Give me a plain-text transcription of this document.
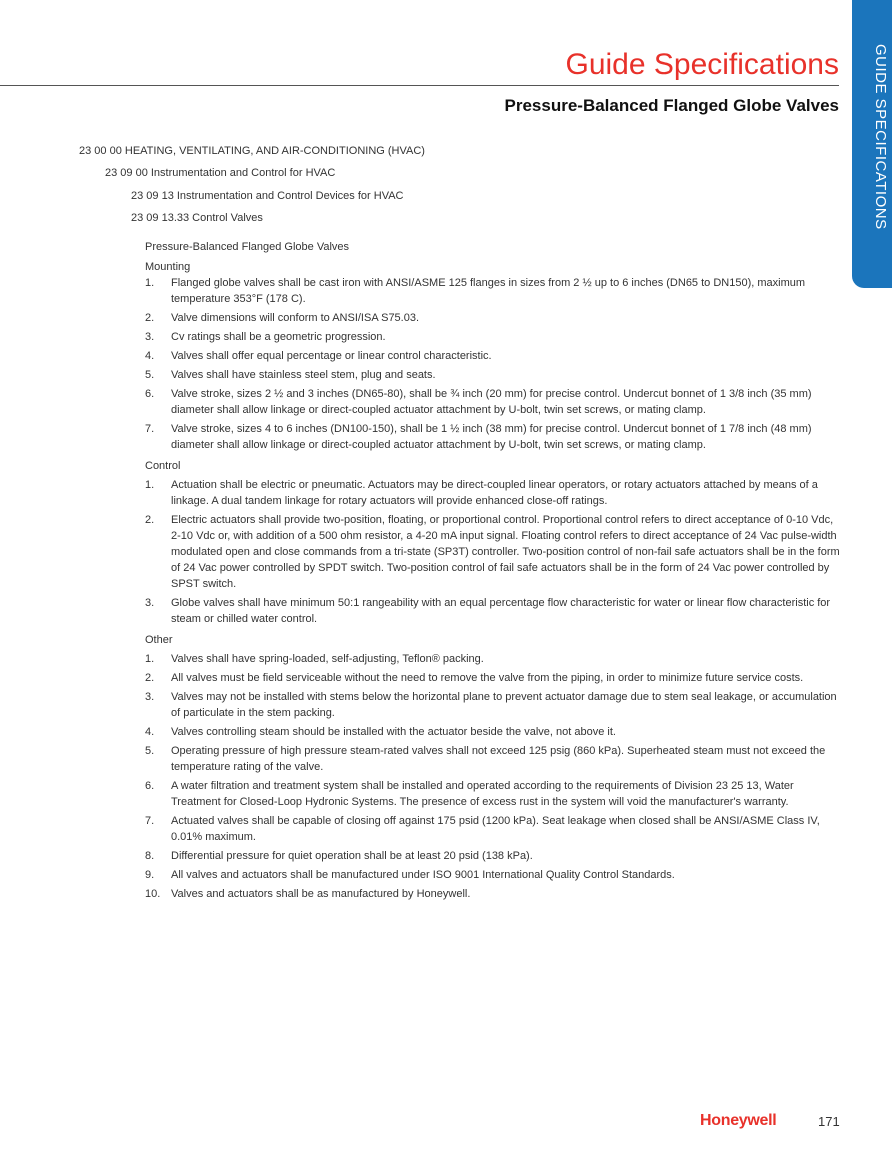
GUIDE SPECIFICATIONS
Guide Specifications
Pressure-Balanced Flanged Globe Valves
23 00 00 HEATING, VENTILATING, AND AIR-CONDITIONING (HVAC)
23 09 00 Instrumentation and Control for HVAC
23 09 13 Instrumentation and Control Devices for HVAC
23 09 13.33 Control Valves

Pressure-Balanced Flanged Globe Valves

Mounting

1. Flanged globe valves shall be cast iron with ANSI/ASME 125 flanges in sizes from 2 ½ up to 6 inches (DN65 to DN150), maximum temperature 353°F (178 C).
2. Valve dimensions will conform to ANSI/ISA S75.03.
3. Cv ratings shall be a geometric progression.
4. Valves shall offer equal percentage or linear control characteristic.
5. Valves shall have stainless steel stem, plug and seats.
6. Valve stroke, sizes 2 ½ and 3 inches (DN65-80), shall be ¾ inch (20 mm) for precise control. Undercut bonnet of 1 3/8 inch (35 mm) diameter shall allow linkage or direct-coupled actuator attachment by U-bolt, twin set screws, or mating clamp.
7. Valve stroke, sizes 4 to 6 inches (DN100-150), shall be 1 ½ inch (38 mm) for precise control. Undercut bonnet of 1 7/8 inch (48 mm) diameter shall allow linkage or direct-coupled actuator attachment by U-bolt, twin set screws, or mating clamp.

Control

1. Actuation shall be electric or pneumatic. Actuators may be direct-coupled linear operators, or rotary actuators attached by means of a linkage. A dual tandem linkage for rotary actuators will provide enhanced close-off ratings.
2. Electric actuators shall provide two-position, floating, or proportional control. Proportional control refers to direct acceptance of 0-10 Vdc, 2-10 Vdc or, with addition of a 500 ohm resistor, a 4-20 mA input signal. Floating control refers to direct acceptance of 24 Vac pulse-width modulated open and close commands from a tri-state (SP3T) controller. Two-position control of non-fail safe actuators shall be in the form of 24 Vac power controlled by SPDT switch. Two-position control of fail safe actuators shall be in the form of 24 Vac power controlled by SPST switch.
3. Globe valves shall have minimum 50:1 rangeability with an equal percentage flow characteristic for water or linear flow characteristic for steam or chilled water control.

Other

1. Valves shall have spring-loaded, self-adjusting, Teflon® packing.
2. All valves must be field serviceable without the need to remove the valve from the piping, in order to minimize future service costs.
3. Valves may not be installed with stems below the horizontal plane to prevent actuator damage due to stem seal leakage, or accumulation of particulate in the stem packing.
4. Valves controlling steam should be installed with the actuator beside the valve, not above it.
5. Operating pressure of high pressure steam-rated valves shall not exceed 125 psig (860 kPa). Superheated steam must not exceed the temperature rating of the valve.
6. A water filtration and treatment system shall be installed and operated according to the requirements of Division 23 25 13, Water Treatment for Closed-Loop Hydronic Systems. The presence of excess rust in the system will void the manufacturer's warranty.
7. Actuated valves shall be capable of closing off against 175 psid (1200 kPa). Seat leakage when closed shall be ANSI/ASME Class IV, 0.01% maximum.
8. Differential pressure for quiet operation shall be at least 20 psid (138 kPa).
9. All valves and actuators shall be manufactured under ISO 9001 International Quality Control Standards.
10. Valves and actuators shall be as manufactured by Honeywell.
Honeywell	171
